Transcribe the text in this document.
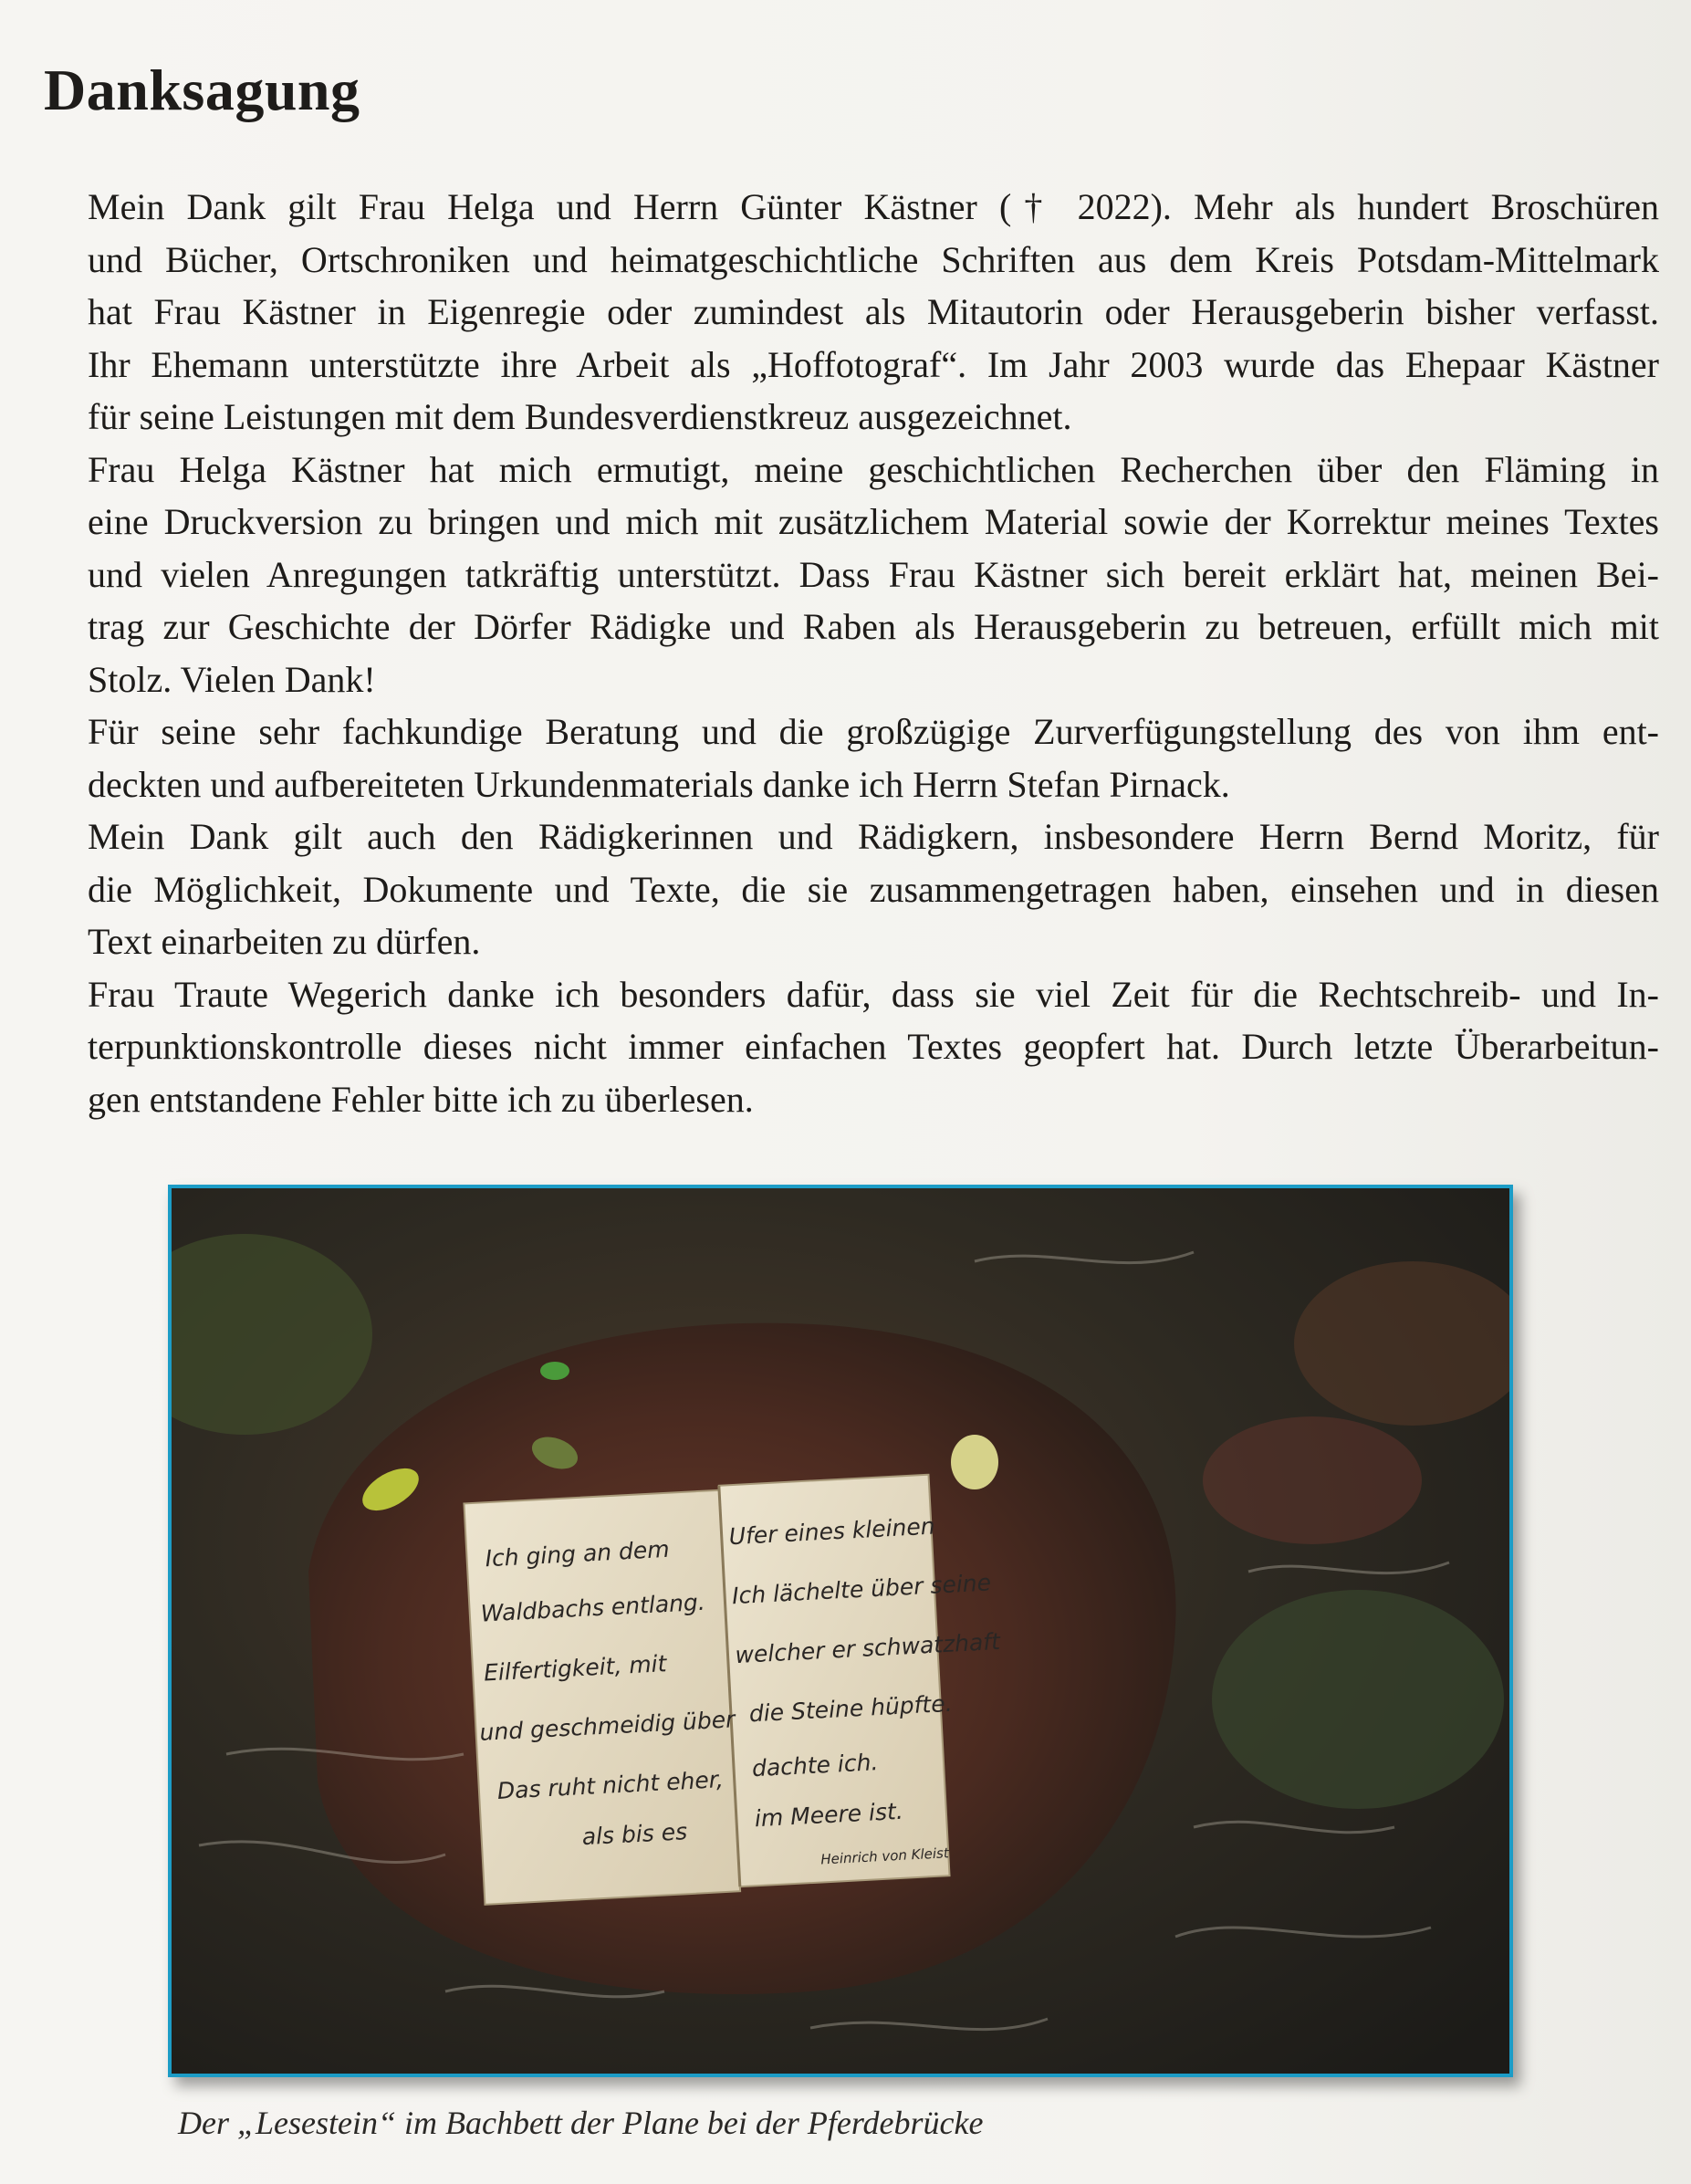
Danksagung

Mein Dank gilt Frau Helga und Herrn Günter Kästner († 2022). Mehr als hundert Broschüren
und Bücher, Ortschroniken und heimatgeschichtliche Schriften aus dem Kreis Potsdam-Mittelmark
hat Frau Kästner in Eigenregie oder zumindest als Mitautorin oder Herausgeberin bisher verfasst.
Ihr Ehemann unterstützte ihre Arbeit als „Hoffotograf“. Im Jahr 2003 wurde das Ehepaar Kästner
für seine Leistungen mit dem Bundesverdienstkreuz ausgezeichnet.

Frau Helga Kästner hat mich ermutigt, meine geschichtlichen Recherchen über den Fläming in
eine Druckversion zu bringen und mich mit zusätzlichem Material sowie der Korrektur meines Textes
und vielen Anregungen tatkräftig unterstützt. Dass Frau Kästner sich bereit erklärt hat, meinen Bei-
trag zur Geschichte der Dörfer Rädigke und Raben als Herausgeberin zu betreuen, erfüllt mich mit
Stolz. Vielen Dank!

Für seine sehr fachkundige Beratung und die großzügige Zurverfügungstellung des von ihm ent-
deckten und aufbereiteten Urkundenmaterials danke ich Herrn Stefan Pirnack.

Mein Dank gilt auch den Rädigkerinnen und Rädigkern, insbesondere Herrn Bernd Moritz, für
die Möglichkeit, Dokumente und Texte, die sie zusammengetragen haben, einsehen und in diesen
Text einarbeiten zu dürfen.

Frau Traute Wegerich danke ich besonders dafür, dass sie viel Zeit für die Rechtschreib- und In-
terpunktionskontrolle dieses nicht immer einfachen Textes geopfert hat. Durch letzte Überarbeitun-
gen entstandene Fehler bitte ich zu überlesen.

Ich ging an dem
Waldbachs entlang.
Eilfertigkeit, mit
und geschmeidig über
Das ruht nicht eher,
als bis es
Ufer eines kleinen
Ich lächelte über seine
welcher er schwatzhaft
die Steine hüpfte.
dachte ich.
im Meere ist.
Heinrich von Kleist
Der „Lesestein“ im Bachbett der Plane bei der Pferdebrücke
